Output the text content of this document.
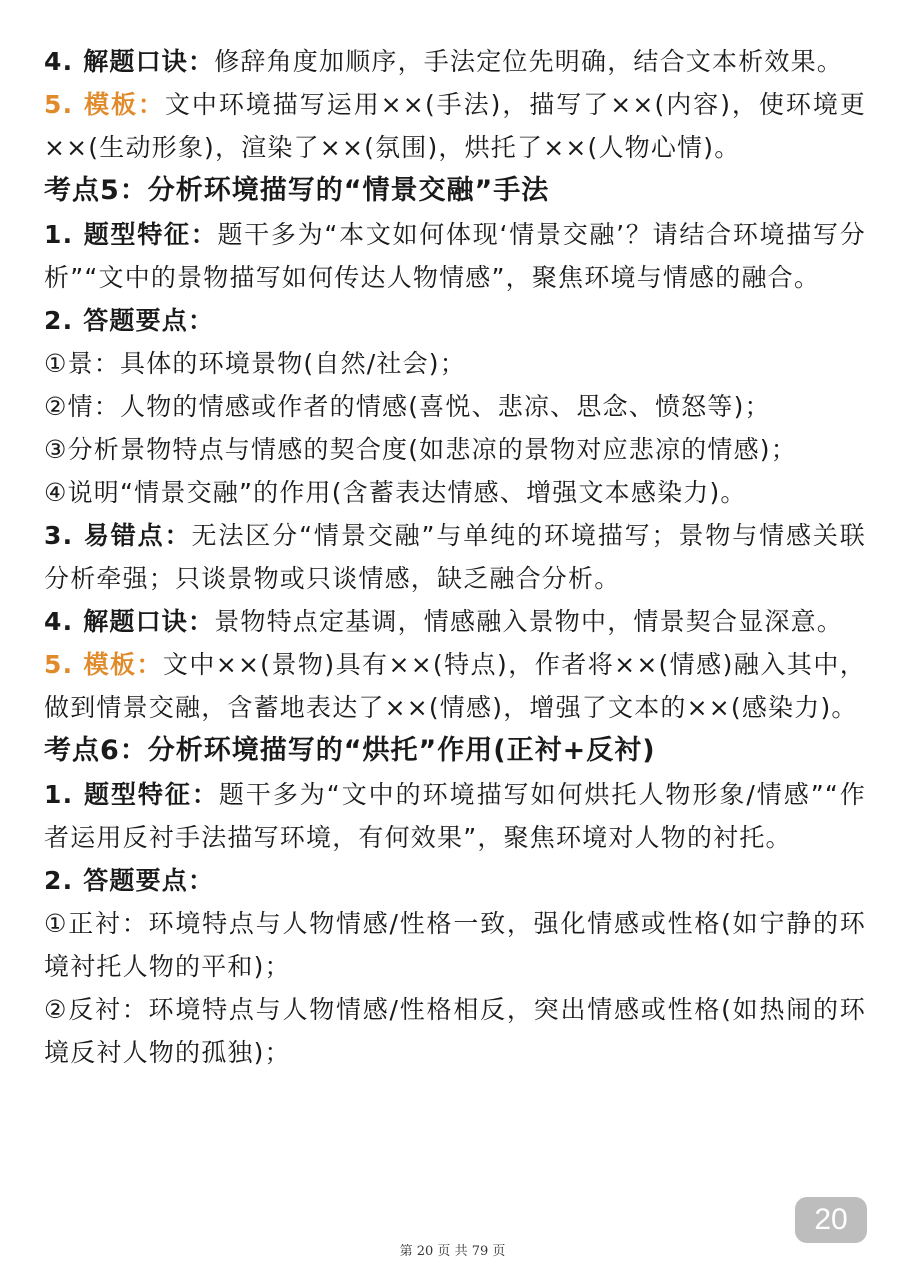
4. 解题口诀：修辞角度加顺序，手法定位先明确，结合文本析效果。

5. 模板：文中环境描写运用××(手法)，描写了××(内容)，使环境更××(生动形象)，渲染了××(氛围)，烘托了××(人物心情)。

考点5：分析环境描写的“情景交融”手法

1. 题型特征：题干多为“本文如何体现‘情景交融’？请结合环境描写分析”“文中的景物描写如何传达人物情感”，聚焦环境与情感的融合。

2. 答题要点：

①景：具体的环境景物(自然/社会)；

②情：人物的情感或作者的情感(喜悦、悲凉、思念、愤怒等)；

③分析景物特点与情感的契合度(如悲凉的景物对应悲凉的情感)；

④说明“情景交融”的作用(含蓄表达情感、增强文本感染力)。

3. 易错点：无法区分“情景交融”与单纯的环境描写；景物与情感关联分析牵强；只谈景物或只谈情感，缺乏融合分析。

4. 解题口诀：景物特点定基调，情感融入景物中，情景契合显深意。

5. 模板：文中××(景物)具有××(特点)，作者将××(情感)融入其中，做到情景交融，含蓄地表达了××(情感)，增强了文本的××(感染力)。

考点6：分析环境描写的“烘托”作用(正衬+反衬)

1. 题型特征：题干多为“文中的环境描写如何烘托人物形象/情感”“作者运用反衬手法描写环境，有何效果”，聚焦环境对人物的衬托。

2. 答题要点：

①正衬：环境特点与人物情感/性格一致，强化情感或性格(如宁静的环境衬托人物的平和)；

②反衬：环境特点与人物情感/性格相反，突出情感或性格(如热闹的环境反衬人物的孤独)；

20
第 20 页 共 79 页
